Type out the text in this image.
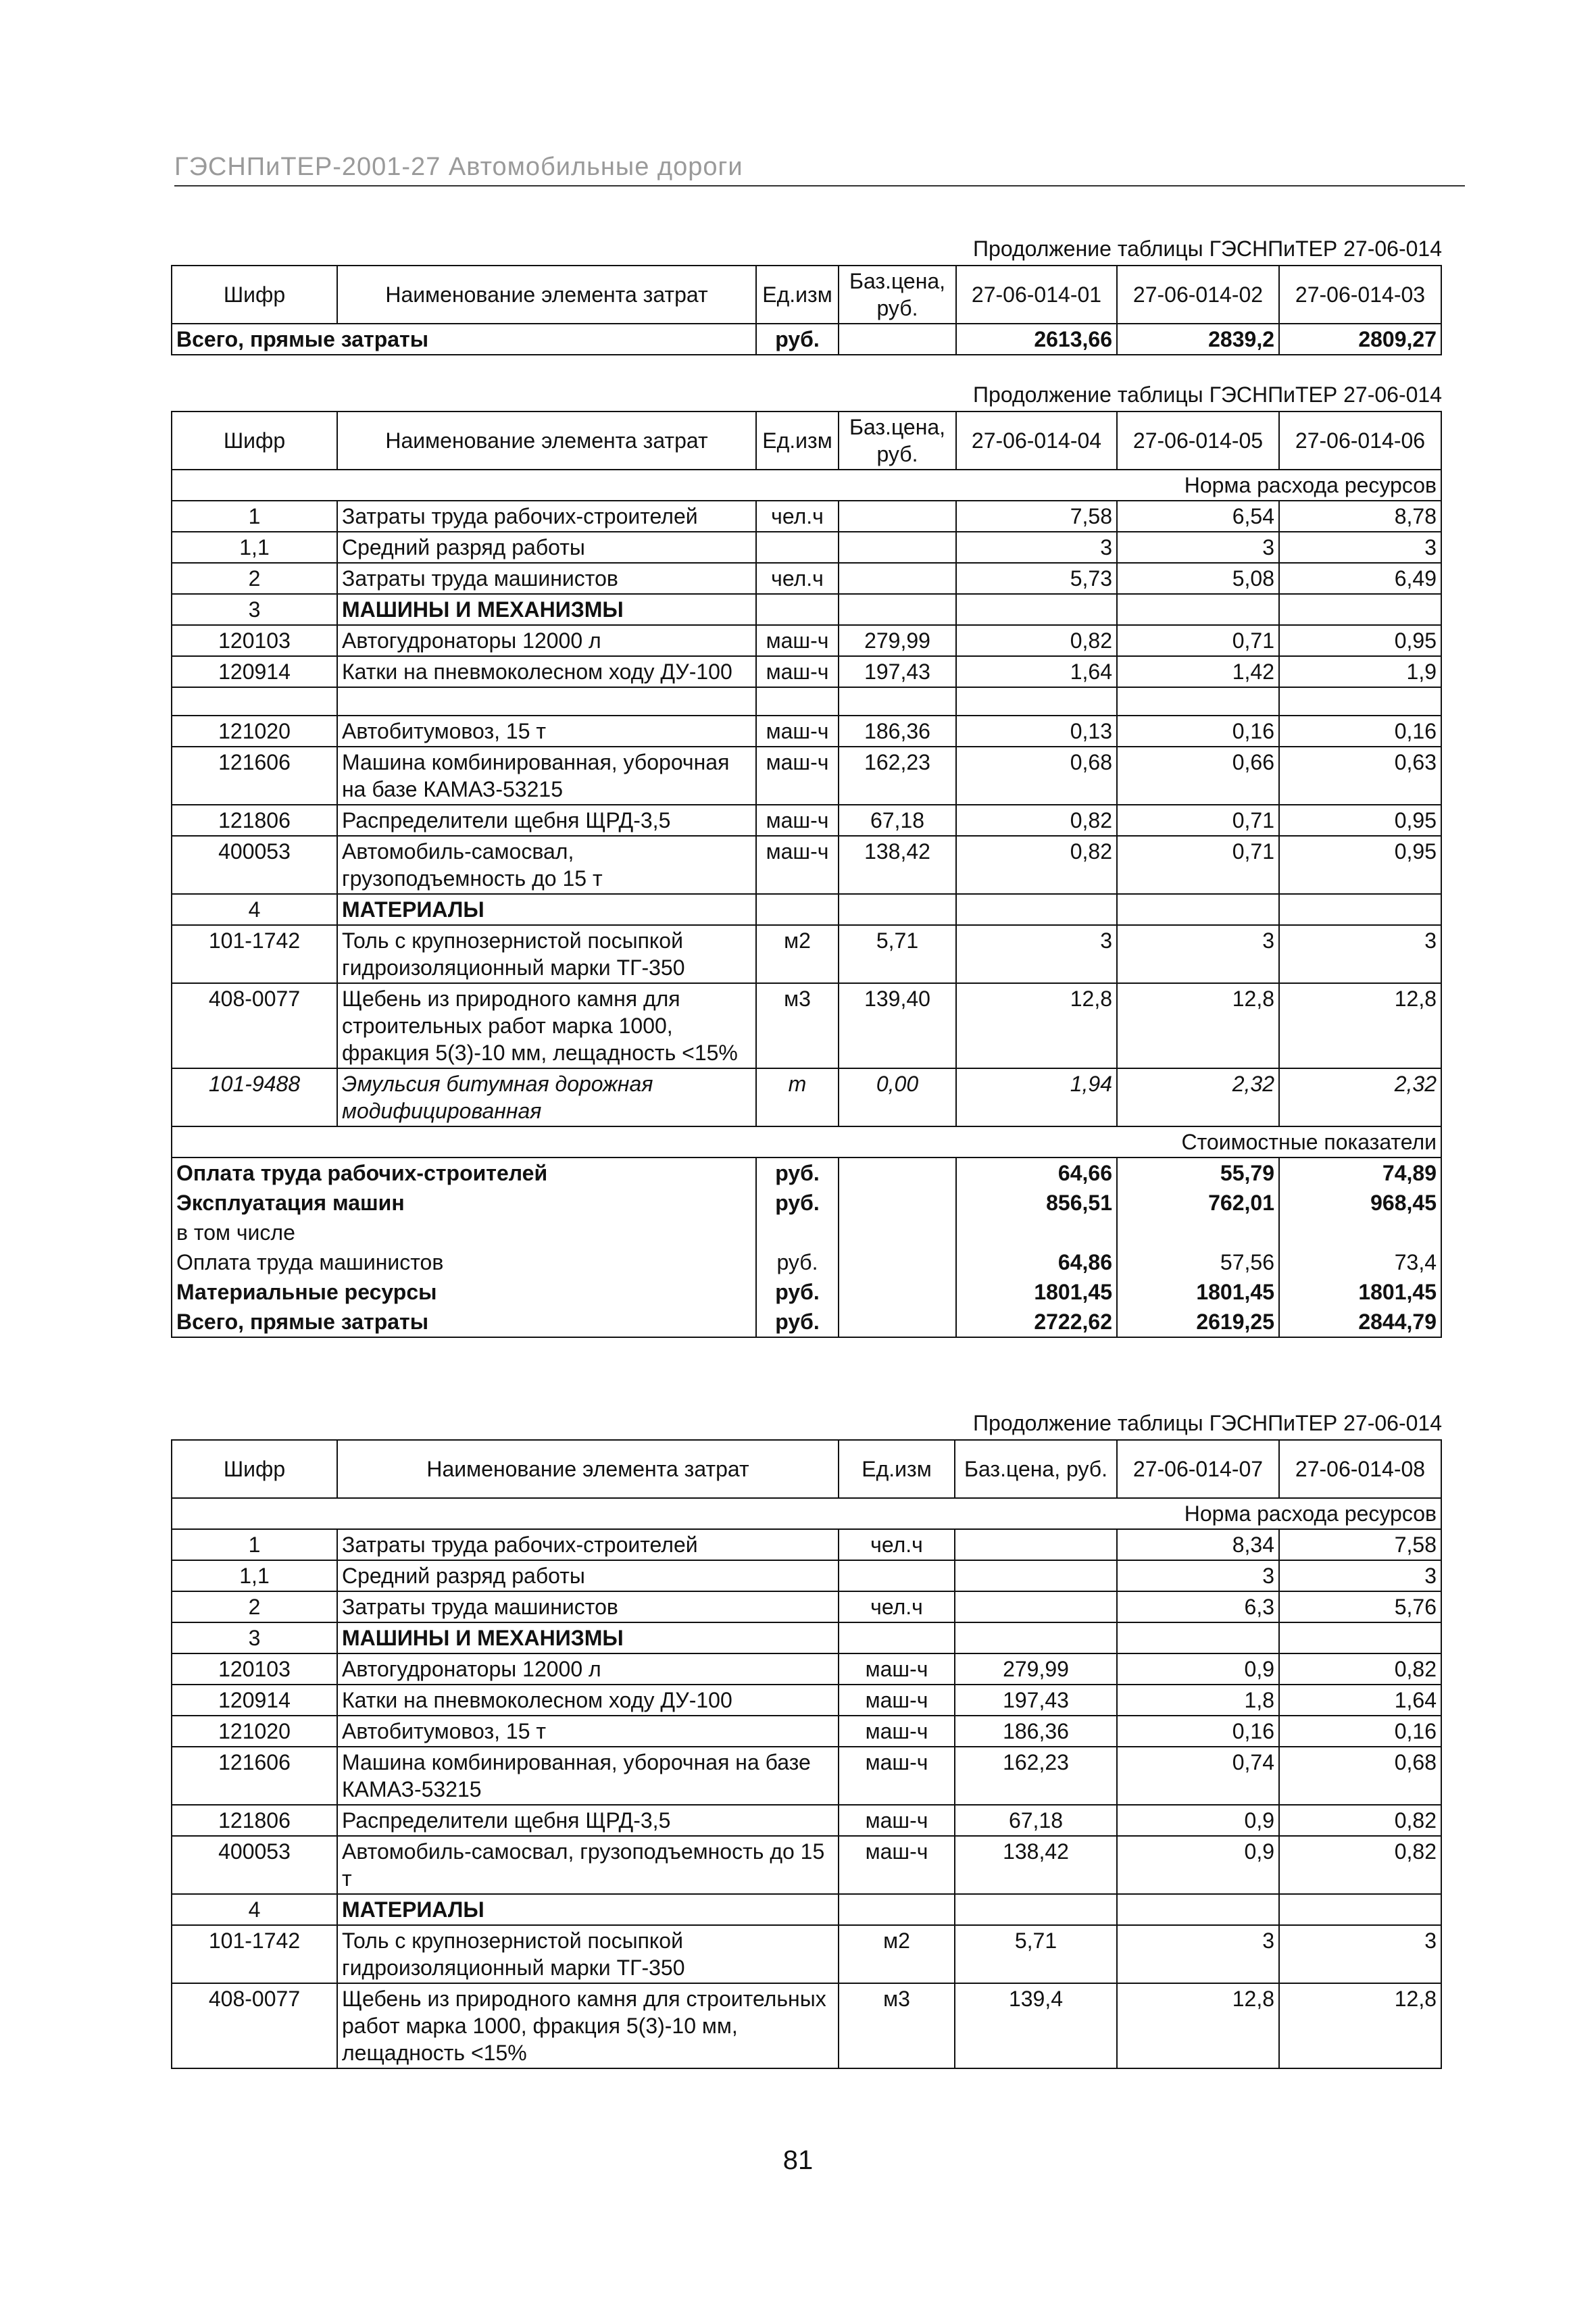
ГЭСНПиТЕР-2001-27 Автомобильные дороги
Продолжение таблицы ГЭСНПиТЕР 27-06-014
Шифр	Наименование элемента затрат	Ед.изм	Баз.цена, руб.	27-06-014-01	27-06-014-02	27-06-014-03
Всего, прямые затраты		руб.		2613,66	2839,2	2809,27
Продолжение таблицы ГЭСНПиТЕР 27-06-014
Шифр	Наименование элемента затрат	Ед.изм	Баз.цена, руб.	27-06-014-04	27-06-014-05	27-06-014-06
Норма расхода ресурсов						
1	Затраты труда рабочих-строителей	чел.ч		7,58	6,54	8,78
1,1	Средний разряд работы			3	3	3
2	Затраты труда машинистов	чел.ч		5,73	5,08	6,49
3	МАШИНЫ И МЕХАНИЗМЫ					
120103	Автогудронаторы 12000 л	маш-ч	279,99	0,82	0,71	0,95
120914	Катки на пневмоколесном ходу ДУ-100	маш-ч	197,43	1,64	1,42	1,9

121020	Автобитумовоз, 15 т	маш-ч	186,36	0,13	0,16	0,16
121606	Машина комбинированная, уборочная на базе КАМАЗ-53215	маш-ч	162,23	0,68	0,66	0,63
121806	Распределители щебня ЩРД-3,5	маш-ч	67,18	0,82	0,71	0,95
400053	Автомобиль-самосвал, грузоподъемность до 15 т	маш-ч	138,42	0,82	0,71	0,95
4	МАТЕРИАЛЫ					
101-1742	Толь с крупнозернистой посыпкой гидроизоляционный марки ТГ-350	м2	5,71	3	3	3
408-0077	Щебень из природного камня для строительных работ марка 1000, фракция 5(3)-10 мм, лещадность <15%	м3	139,40	12,8	12,8	12,8
101-9488	Эмульсия битумная дорожная модифицированная	т	0,00	1,94	2,32	2,32
Стоимостные показатели						
Оплата труда рабочих-строителей		руб.		64,66	55,79	74,89
Эксплуатация машин		руб.		856,51	762,01	968,45
в том числе						
Оплата труда машинистов		руб.		64,86	57,56	73,4
Материальные ресурсы		руб.		1801,45	1801,45	1801,45
Всего, прямые затраты		руб.		2722,62	2619,25	2844,79
Продолжение таблицы ГЭСНПиТЕР 27-06-014
Шифр	Наименование элемента затрат	Ед.изм	Баз.цена, руб.	27-06-014-07	27-06-014-08
Норма расхода ресурсов					
1	Затраты труда рабочих-строителей	чел.ч		8,34	7,58
1,1	Средний разряд работы			3	3
2	Затраты труда машинистов	чел.ч		6,3	5,76
3	МАШИНЫ И МЕХАНИЗМЫ				
120103	Автогудронаторы 12000 л	маш-ч	279,99	0,9	0,82
120914	Катки на пневмоколесном ходу ДУ-100	маш-ч	197,43	1,8	1,64
121020	Автобитумовоз, 15 т	маш-ч	186,36	0,16	0,16
121606	Машина комбинированная, уборочная на базе КАМАЗ-53215	маш-ч	162,23	0,74	0,68
121806	Распределители щебня ЩРД-3,5	маш-ч	67,18	0,9	0,82
400053	Автомобиль-самосвал, грузоподъемность до 15 т	маш-ч	138,42	0,9	0,82
4	МАТЕРИАЛЫ				
101-1742	Толь с крупнозернистой посыпкой гидроизоляционный марки ТГ-350	м2	5,71	3	3
408-0077	Щебень из природного камня для строительных работ марка 1000, фракция 5(3)-10 мм, лещадность <15%	м3	139,4	12,8	12,8
81
